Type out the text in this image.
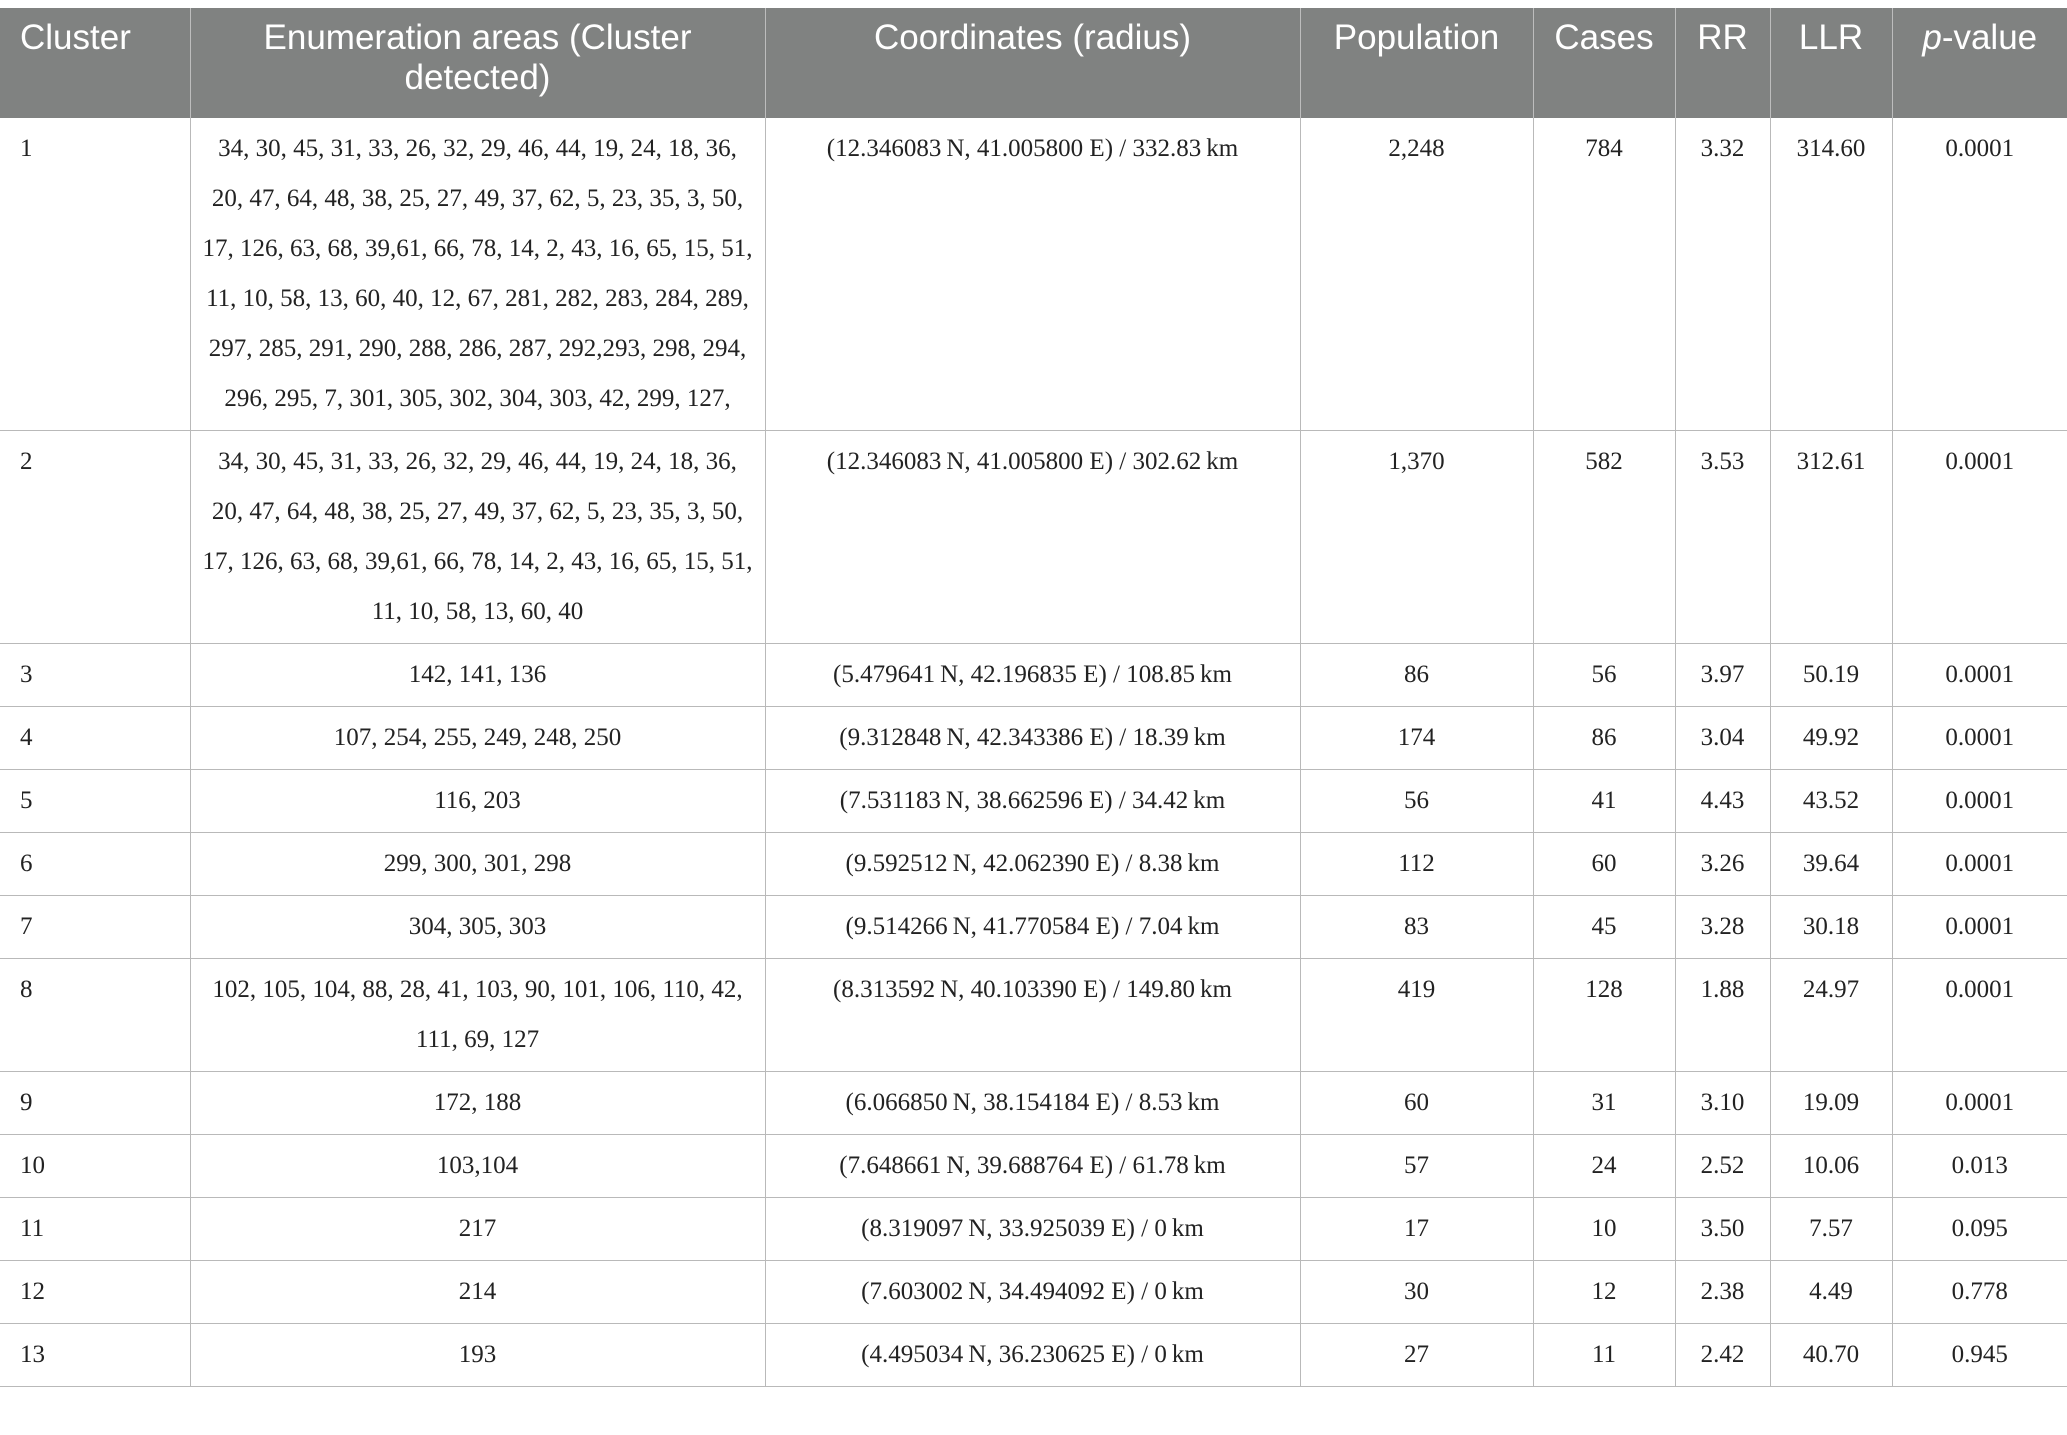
Cluster	Enumeration areas (Cluster detected)	Coordinates (radius)	Population	Cases	RR	LLR	p-value
1	34, 30, 45, 31, 33, 26, 32, 29, 46, 44, 19, 24, 18, 36, 20, 47, 64, 48, 38, 25, 27, 49, 37, 62, 5, 23, 35, 3, 50, 17, 126, 63, 68, 39,61, 66, 78, 14, 2, 43, 16, 65, 15, 51, 11, 10, 58, 13, 60, 40, 12, 67, 281, 282, 283, 284, 289, 297, 285, 291, 290, 288, 286, 287, 292,293, 298, 294, 296, 295, 7, 301, 305, 302, 304, 303, 42, 299, 127,	(12.346083 N, 41.005800 E) / 332.83 km	2,248	784	3.32	314.60	0.0001
2	34, 30, 45, 31, 33, 26, 32, 29, 46, 44, 19, 24, 18, 36, 20, 47, 64, 48, 38, 25, 27, 49, 37, 62, 5, 23, 35, 3, 50, 17, 126, 63, 68, 39,61, 66, 78, 14, 2, 43, 16, 65, 15, 51, 11, 10, 58, 13, 60, 40	(12.346083 N, 41.005800 E) / 302.62 km	1,370	582	3.53	312.61	0.0001
3	142, 141, 136	(5.479641 N, 42.196835 E) / 108.85 km	86	56	3.97	50.19	0.0001
4	107, 254, 255, 249, 248, 250	(9.312848 N, 42.343386 E) / 18.39 km	174	86	3.04	49.92	0.0001
5	116, 203	(7.531183 N, 38.662596 E) / 34.42 km	56	41	4.43	43.52	0.0001
6	299, 300, 301, 298	(9.592512 N, 42.062390 E) / 8.38 km	112	60	3.26	39.64	0.0001
7	304, 305, 303	(9.514266 N, 41.770584 E) / 7.04 km	83	45	3.28	30.18	0.0001
8	102, 105, 104, 88, 28, 41, 103, 90, 101, 106, 110, 42, 111, 69, 127	(8.313592 N, 40.103390 E) / 149.80 km	419	128	1.88	24.97	0.0001
9	172, 188	(6.066850 N, 38.154184 E) / 8.53 km	60	31	3.10	19.09	0.0001
10	103,104	(7.648661 N, 39.688764 E) / 61.78 km	57	24	2.52	10.06	0.013
11	217	(8.319097 N, 33.925039 E) / 0 km	17	10	3.50	7.57	0.095
12	214	(7.603002 N, 34.494092 E) / 0 km	30	12	2.38	4.49	0.778
13	193	(4.495034 N, 36.230625 E) / 0 km	27	11	2.42	40.70	0.945
